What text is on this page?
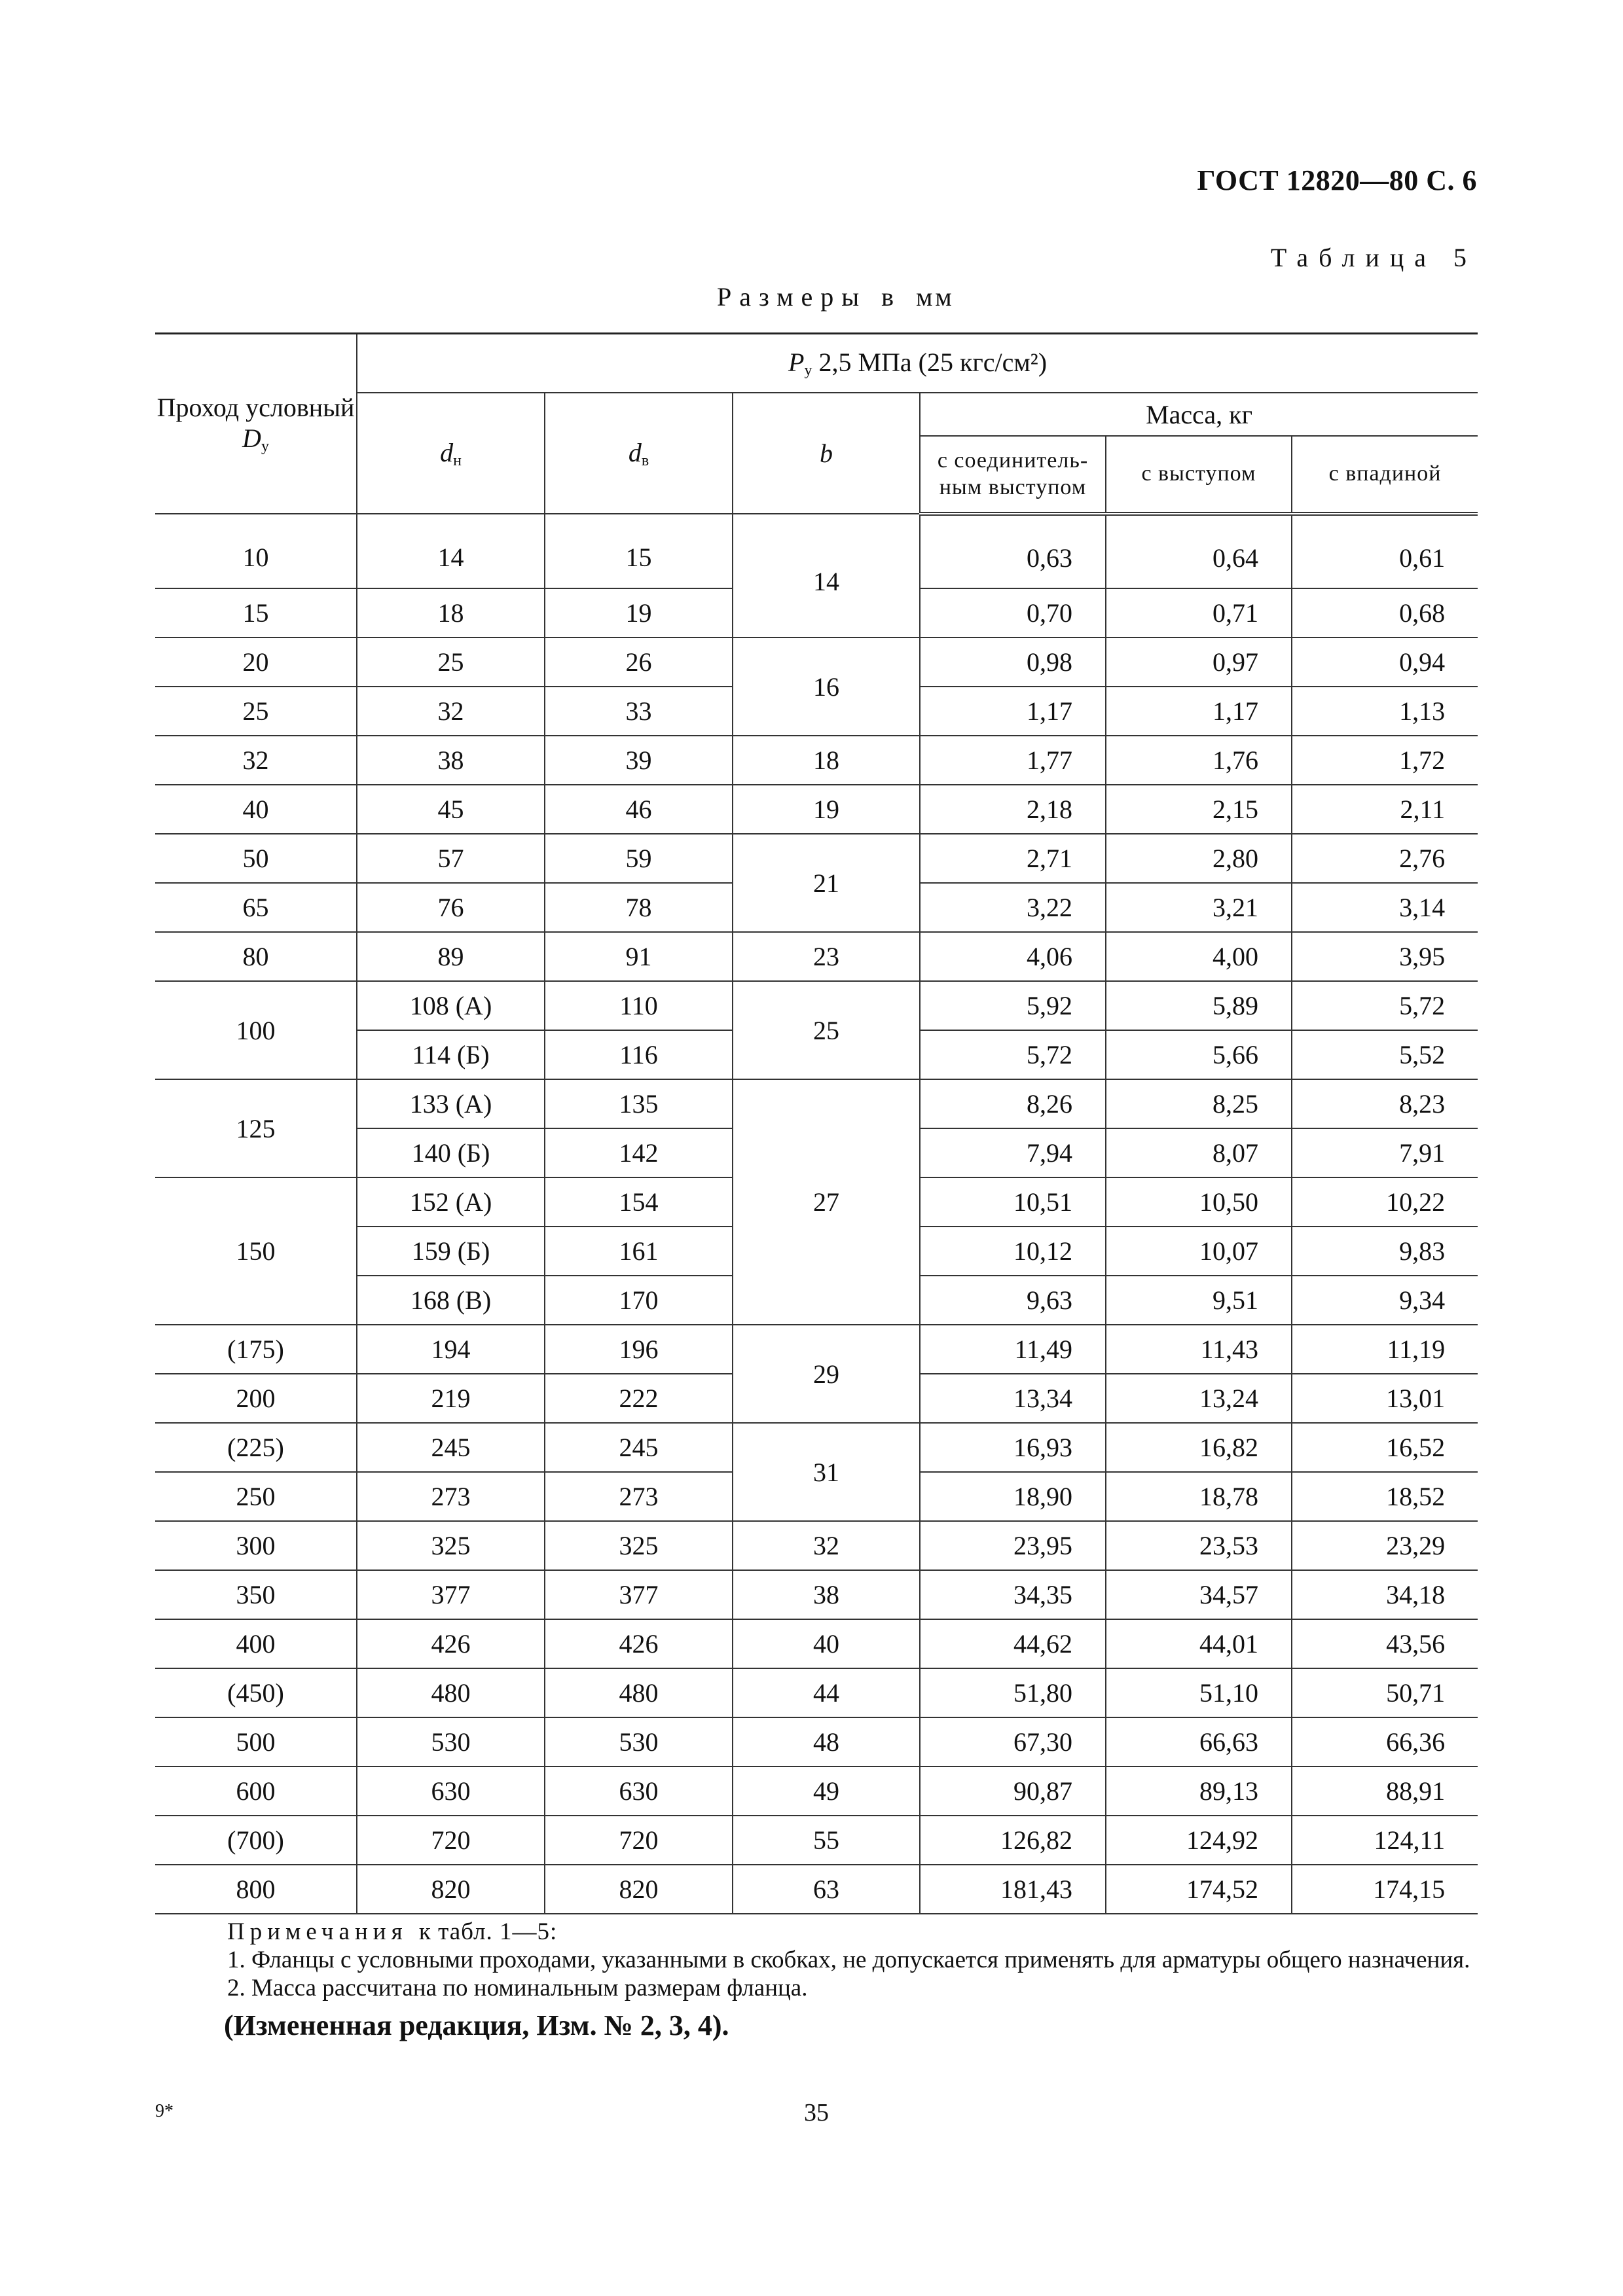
ГОСТ 12820—80 С. 6
Таблица 5
Размеры в мм
Проход условный $D_у$	$P_у$ 2,5 МПа (25 кгс/см²)					
	$d_н$	$d_в$	b	Масса, кг		
				с соединитель-ным выступом	с выступом	с впадиной
10	14	15	14	0,63	0,64	0,61
15	18	19		0,70	0,71	0,68
20	25	26	16	0,98	0,97	0,94
25	32	33		1,17	1,17	1,13
32	38	39	18	1,77	1,76	1,72
40	45	46	19	2,18	2,15	2,11
50	57	59	21	2,71	2,80	2,76
65	76	78		3,22	3,21	3,14
80	89	91	23	4,06	4,00	3,95
100	108 (А)	110	25	5,92	5,89	5,72
	114 (Б)	116		5,72	5,66	5,52
125	133 (А)	135	27	8,26	8,25	8,23
	140 (Б)	142		7,94	8,07	7,91
150	152 (А)	154		10,51	10,50	10,22
	159 (Б)	161		10,12	10,07	9,83
	168 (В)	170		9,63	9,51	9,34
(175)	194	196	29	11,49	11,43	11,19
200	219	222		13,34	13,24	13,01
(225)	245	245	31	16,93	16,82	16,52
250	273	273		18,90	18,78	18,52
300	325	325	32	23,95	23,53	23,29
350	377	377	38	34,35	34,57	34,18
400	426	426	40	44,62	44,01	43,56
(450)	480	480	44	51,80	51,10	50,71
500	530	530	48	67,30	66,63	66,36
600	630	630	49	90,87	89,13	88,91
(700)	720	720	55	126,82	124,92	124,11
800	820	820	63	181,43	174,52	174,15

Примечания к табл. 1—5:

1. Фланцы с условными проходами, указанными в скобках, не допускается применять для арматуры общего назначения.

2. Масса рассчитана по номинальным размерам фланца.

(Измененная редакция, Изм. № 2, 3, 4).

9*	35
